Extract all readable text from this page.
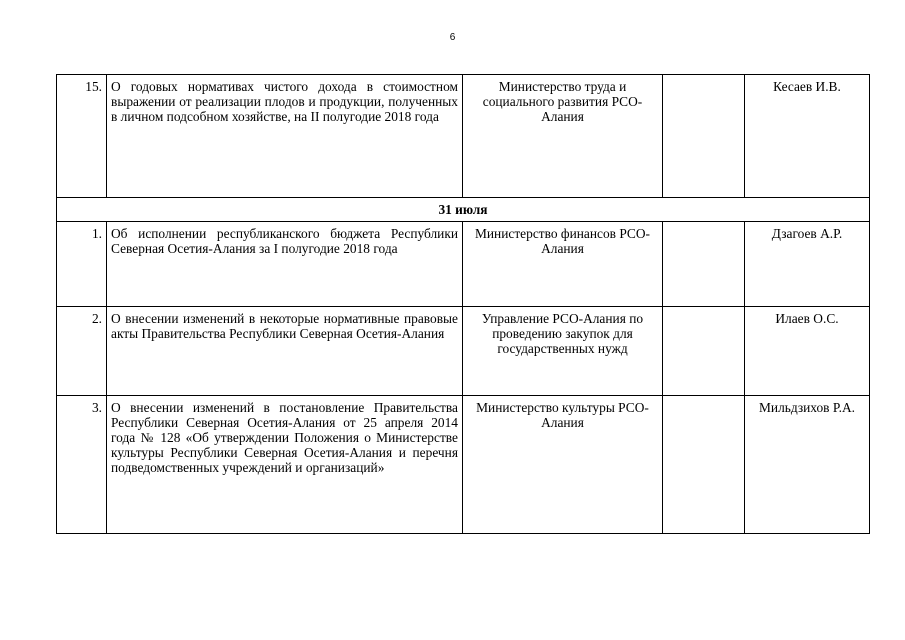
6
15.	О годовых нормативах чистого дохода в стоимостном выражении от реализации плодов и продукции, полученных в личном подсобном хозяйстве, на II полугодие 2018 года	Министерство труда и социального развития РСО-Алания		Кесаев И.В.
31 июля				
1.	Об исполнении республиканского бюджета Республики Северная Осетия-Алания за I полугодие 2018 года	Министерство финансов РСО-Алания		Дзагоев А.Р.
2.	О внесении изменений в некоторые нормативные правовые акты Правительства Республики Северная Осетия-Алания	Управление РСО-Алания по проведению закупок для государственных нужд		Илаев О.С.
3.	О внесении изменений в постановление Правительства Республики Северная Осетия-Алания от 25 апреля 2014 года № 128 «Об утверждении Положения о Министерстве культуры Республики Северная Осетия-Алания и перечня подведомственных учреждений и организаций»	Министерство культуры РСО-Алания		Мильдзихов Р.А.
